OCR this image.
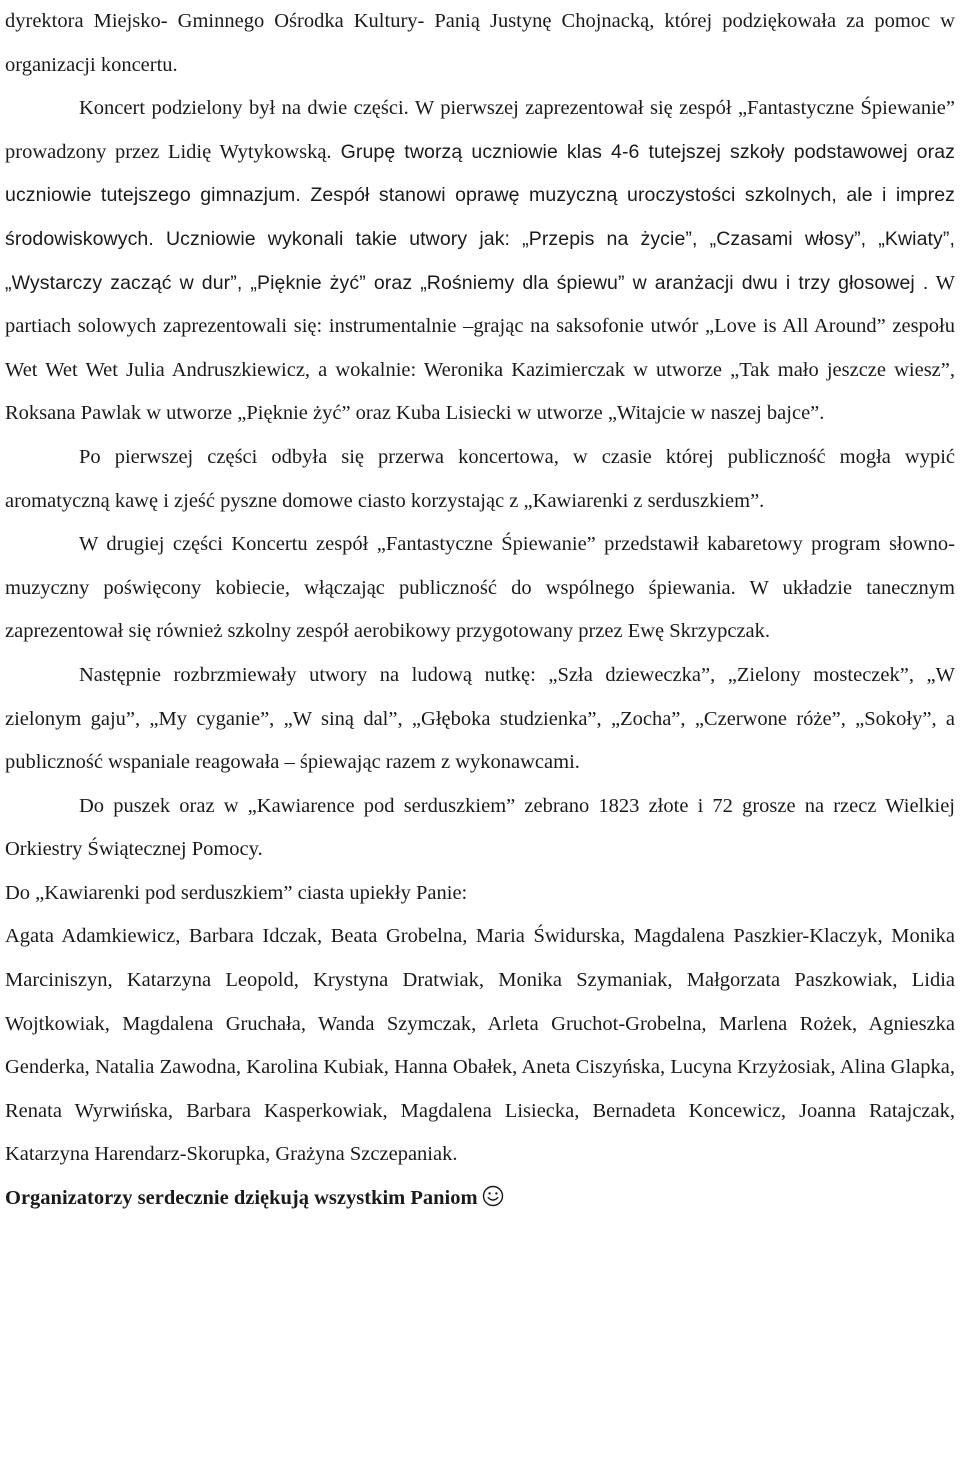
dyrektora Miejsko- Gminnego Ośrodka Kultury- Panią Justynę Chojnacką, której podziękowała za pomoc w organizacji koncertu.

Koncert podzielony był na dwie części. W pierwszej zaprezentował się zespół „Fantastyczne Śpiewanie” prowadzony przez Lidię Wytykowską. Grupę tworzą uczniowie klas 4-6 tutejszej szkoły podstawowej oraz uczniowie tutejszego gimnazjum. Zespół stanowi oprawę muzyczną uroczystości szkolnych, ale i imprez środowiskowych. Uczniowie wykonali takie utwory jak: „Przepis na życie”, „Czasami włosy”, „Kwiaty”, „Wystarczy zacząć w dur”, „Pięknie żyć” oraz „Rośniemy dla śpiewu” w aranżacji dwu i trzy głosowej . W partiach solowych zaprezentowali się: instrumentalnie –grając na saksofonie utwór „Love is All Around” zespołu Wet Wet Wet Julia Andruszkiewicz, a wokalnie: Weronika Kazimierczak w utworze „Tak mało jeszcze wiesz”, Roksana Pawlak w utworze „Pięknie żyć” oraz Kuba Lisiecki w utworze „Witajcie w naszej bajce”.

Po pierwszej części odbyła się przerwa koncertowa, w czasie której publiczność mogła wypić aromatyczną kawę i zjeść pyszne domowe ciasto korzystając z „Kawiarenki z serduszkiem”.

W drugiej części Koncertu zespół „Fantastyczne Śpiewanie” przedstawił kabaretowy program słowno- muzyczny poświęcony kobiecie, włączając publiczność do wspólnego śpiewania. W układzie tanecznym zaprezentował się również szkolny zespół aerobikowy przygotowany przez Ewę Skrzypczak.

Następnie rozbrzmiewały utwory na ludową nutkę: „Szła dzieweczka”, „Zielony mosteczek”, „W zielonym gaju”, „My cyganie”, „W siną dal”, „Głęboka studzienka”, „Zocha”, „Czerwone róże”, „Sokoły”, a publiczność wspaniale reagowała – śpiewając razem z wykonawcami.

Do puszek oraz w „Kawiarence pod serduszkiem” zebrano 1823 złote i 72 grosze na rzecz Wielkiej Orkiestry Świątecznej Pomocy.

Do „Kawiarenki pod serduszkiem” ciasta upiekły Panie:

Agata Adamkiewicz, Barbara Idczak, Beata Grobelna, Maria Świdurska, Magdalena Paszkier-Klaczyk, Monika Marciniszyn, Katarzyna Leopold, Krystyna Dratwiak, Monika Szymaniak, Małgorzata Paszkowiak, Lidia Wojtkowiak, Magdalena Gruchała, Wanda Szymczak, Arleta Gruchot-Grobelna, Marlena Rożek, Agnieszka Genderka, Natalia Zawodna, Karolina Kubiak, Hanna Obałek, Aneta Ciszyńska, Lucyna Krzyżosiak, Alina Glapka, Renata Wyrwińska, Barbara Kasperkowiak, Magdalena Lisiecka, Bernadeta Koncewicz, Joanna Ratajczak, Katarzyna Harendarz-Skorupka, Grażyna Szczepaniak.

Organizatorzy serdecznie dziękują wszystkim Paniom
